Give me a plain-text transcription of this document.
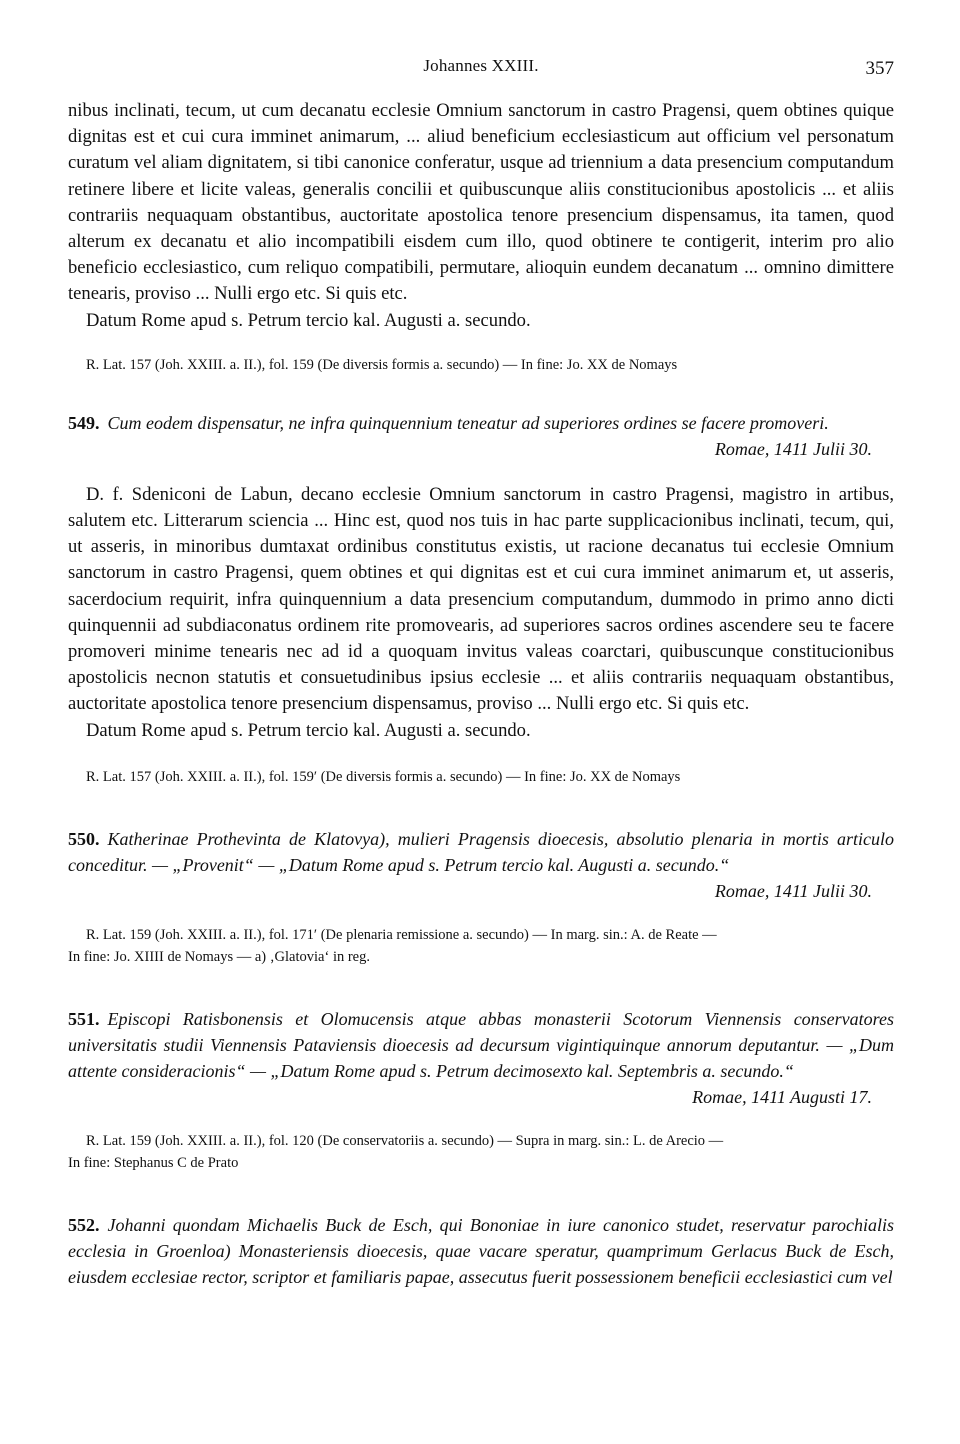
Johannes XXIII.	357

nibus inclinati, tecum, ut cum decanatu ecclesie Omnium sanctorum in castro Pragensi, quem obtines quique dignitas est et cui cura imminet animarum, ... aliud beneficium ecclesiasticum aut officium vel personatum curatum vel aliam dignitatem, si tibi canonice conferatur, usque ad triennium a data presencium computandum retinere libere et licite valeas, generalis concilii et quibuscunque aliis constitucionibus apostolicis ... et aliis contrariis nequaquam obstantibus, auctoritate apostolica tenore presencium dispensamus, ita tamen, quod alterum ex decanatu et alio incompatibili eisdem cum illo, quod obtinere te contigerit, interim pro alio beneficio ecclesiastico, cum reliquo compatibili, permutare, alioquin eundem decanatum ... omnino dimittere tenearis, proviso ... Nulli ergo etc. Si quis etc.

Datum Rome apud s. Petrum tercio kal. Augusti a. secundo.

R. Lat. 157 (Joh. XXIII. a. II.), fol. 159 (De diversis formis a. secundo) — In fine: Jo. XX de Nomays

549. Cum eodem dispensatur, ne infra quinquennium teneatur ad superiores ordines se facere promoveri.

Romae, 1411 Julii 30.

D. f. Sdeniconi de Labun, decano ecclesie Omnium sanctorum in castro Pragensi, magistro in artibus, salutem etc. Litterarum sciencia ... Hinc est, quod nos tuis in hac parte supplicacionibus inclinati, tecum, qui, ut asseris, in minoribus dumtaxat ordinibus constitutus existis, ut racione decanatus tui ecclesie Omnium sanctorum in castro Pragensi, quem obtines et qui dignitas est et cui cura imminet animarum et, ut asseris, sacerdocium requirit, infra quinquennium a data presencium computandum, dummodo in primo anno dicti quinquennii ad subdiaconatus ordinem rite promovearis, ad superiores sacros ordines ascendere seu te facere promoveri minime tenearis nec ad id a quoquam invitus valeas coarctari, quibuscunque constitucionibus apostolicis necnon statutis et consuetudinibus ipsius ecclesie ... et aliis contrariis nequaquam obstantibus, auctoritate apostolica tenore presencium dispensamus, proviso ... Nulli ergo etc. Si quis etc.

Datum Rome apud s. Petrum tercio kal. Augusti a. secundo.

R. Lat. 157 (Joh. XXIII. a. II.), fol. 159′ (De diversis formis a. secundo) — In fine: Jo. XX de Nomays

550. Katherinae Prothevinta de Klatovya), mulieri Pragensis dioecesis, absolutio plenaria in mortis articulo conceditur. — „Provenit“ — „Datum Rome apud s. Petrum tercio kal. Augusti a. secundo.“

Romae, 1411 Julii 30.

R. Lat. 159 (Joh. XXIII. a. II.), fol. 171′ (De plenaria remissione a. secundo) — In marg. sin.: A. de Reate —

In fine: Jo. XIIII de Nomays — a) ‚Glatovia‘ in reg.

551. Episcopi Ratisbonensis et Olomucensis atque abbas monasterii Scotorum Viennensis conservatores universitatis studii Viennensis Pataviensis dioecesis ad decursum vigintiquinque annorum deputantur. — „Dum attente consideracionis“ — „Datum Rome apud s. Petrum decimosexto kal. Septembris a. secundo.“

Romae, 1411 Augusti 17.

R. Lat. 159 (Joh. XXIII. a. II.), fol. 120 (De conservatoriis a. secundo) — Supra in marg. sin.: L. de Arecio —

In fine: Stephanus C de Prato

552. Johanni quondam Michaelis Buck de Esch, qui Bononiae in iure canonico studet, reservatur parochialis ecclesia in Groenloa) Monasteriensis dioecesis, quae vacare speratur, quamprimum Gerlacus Buck de Esch, eiusdem ecclesiae rector, scriptor et familiaris papae, assecutus fuerit possessionem beneficii ecclesiastici cum vel
